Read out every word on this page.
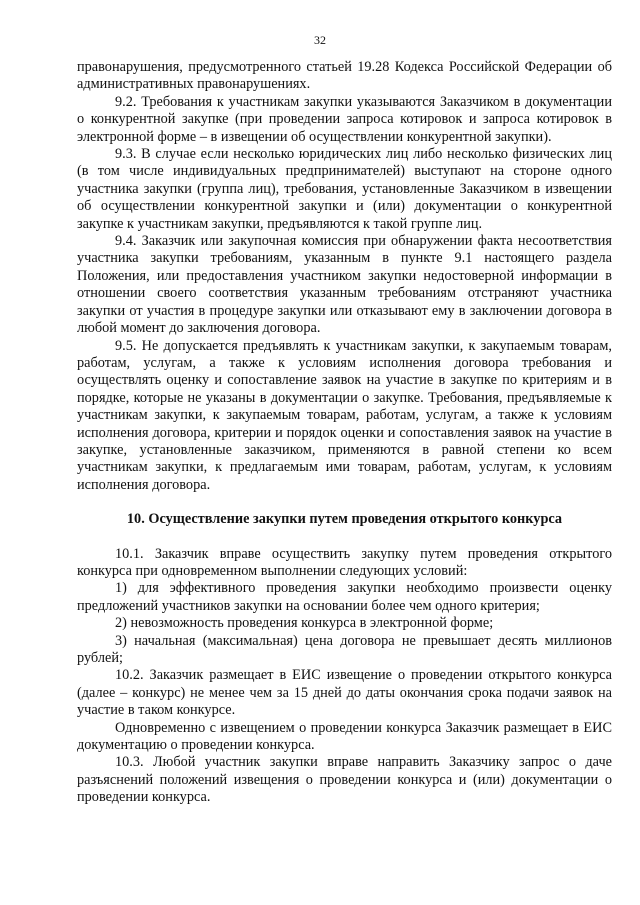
32

правонарушения, предусмотренного статьей 19.28 Кодекса Российской Федерации об административных правонарушениях.

9.2. Требования к участникам закупки указываются Заказчиком в документации о конкурентной закупке (при проведении запроса котировок и запроса котировок в электронной форме – в извещении об осуществлении конкурентной закупки).

9.3. В случае если несколько юридических лиц либо несколько физических лиц (в том числе индивидуальных предпринимателей) выступают на стороне одного участника закупки (группа лиц), требования, установленные Заказчиком в извещении об осуществлении конкурентной закупки и (или) документации о конкурентной закупке к участникам закупки, предъявляются к такой группе лиц.

9.4. Заказчик или закупочная комиссия при обнаружении факта несоответствия участника закупки требованиям, указанным в пункте 9.1 настоящего раздела Положения, или предоставления участником закупки недостоверной информации в отношении своего соответствия указанным требованиям отстраняют участника закупки от участия в процедуре закупки или отказывают ему в заключении договора в любой момент до заключения договора.

9.5. Не допускается предъявлять к участникам закупки, к закупаемым товарам, работам, услугам, а также к условиям исполнения договора требования и осуществлять оценку и сопоставление заявок на участие в закупке по критериям и в порядке, которые не указаны в документации о закупке. Требования, предъявляемые к участникам закупки, к закупаемым товарам, работам, услугам, а также к условиям исполнения договора, критерии и порядок оценки и сопоставления заявок на участие в закупке, установленные заказчиком, применяются в равной степени ко всем участникам закупки, к предлагаемым ими товарам, работам, услугам, к условиям исполнения договора.

10. Осуществление закупки путем проведения открытого конкурса

10.1. Заказчик вправе осуществить закупку путем проведения открытого конкурса при одновременном выполнении следующих условий:

1) для эффективного проведения закупки необходимо произвести оценку предложений участников закупки на основании более чем одного критерия;

2) невозможность проведения конкурса в электронной форме;

3) начальная (максимальная) цена договора не превышает десять миллионов рублей;

10.2. Заказчик размещает в ЕИС извещение о проведении открытого конкурса (далее – конкурс) не менее чем за 15 дней до даты окончания срока подачи заявок на участие в таком конкурсе.

Одновременно с извещением о проведении конкурса Заказчик размещает в ЕИС документацию о проведении конкурса.

10.3. Любой участник закупки вправе направить Заказчику запрос о даче разъяснений положений извещения о проведении конкурса и (или) документации о проведении конкурса.
